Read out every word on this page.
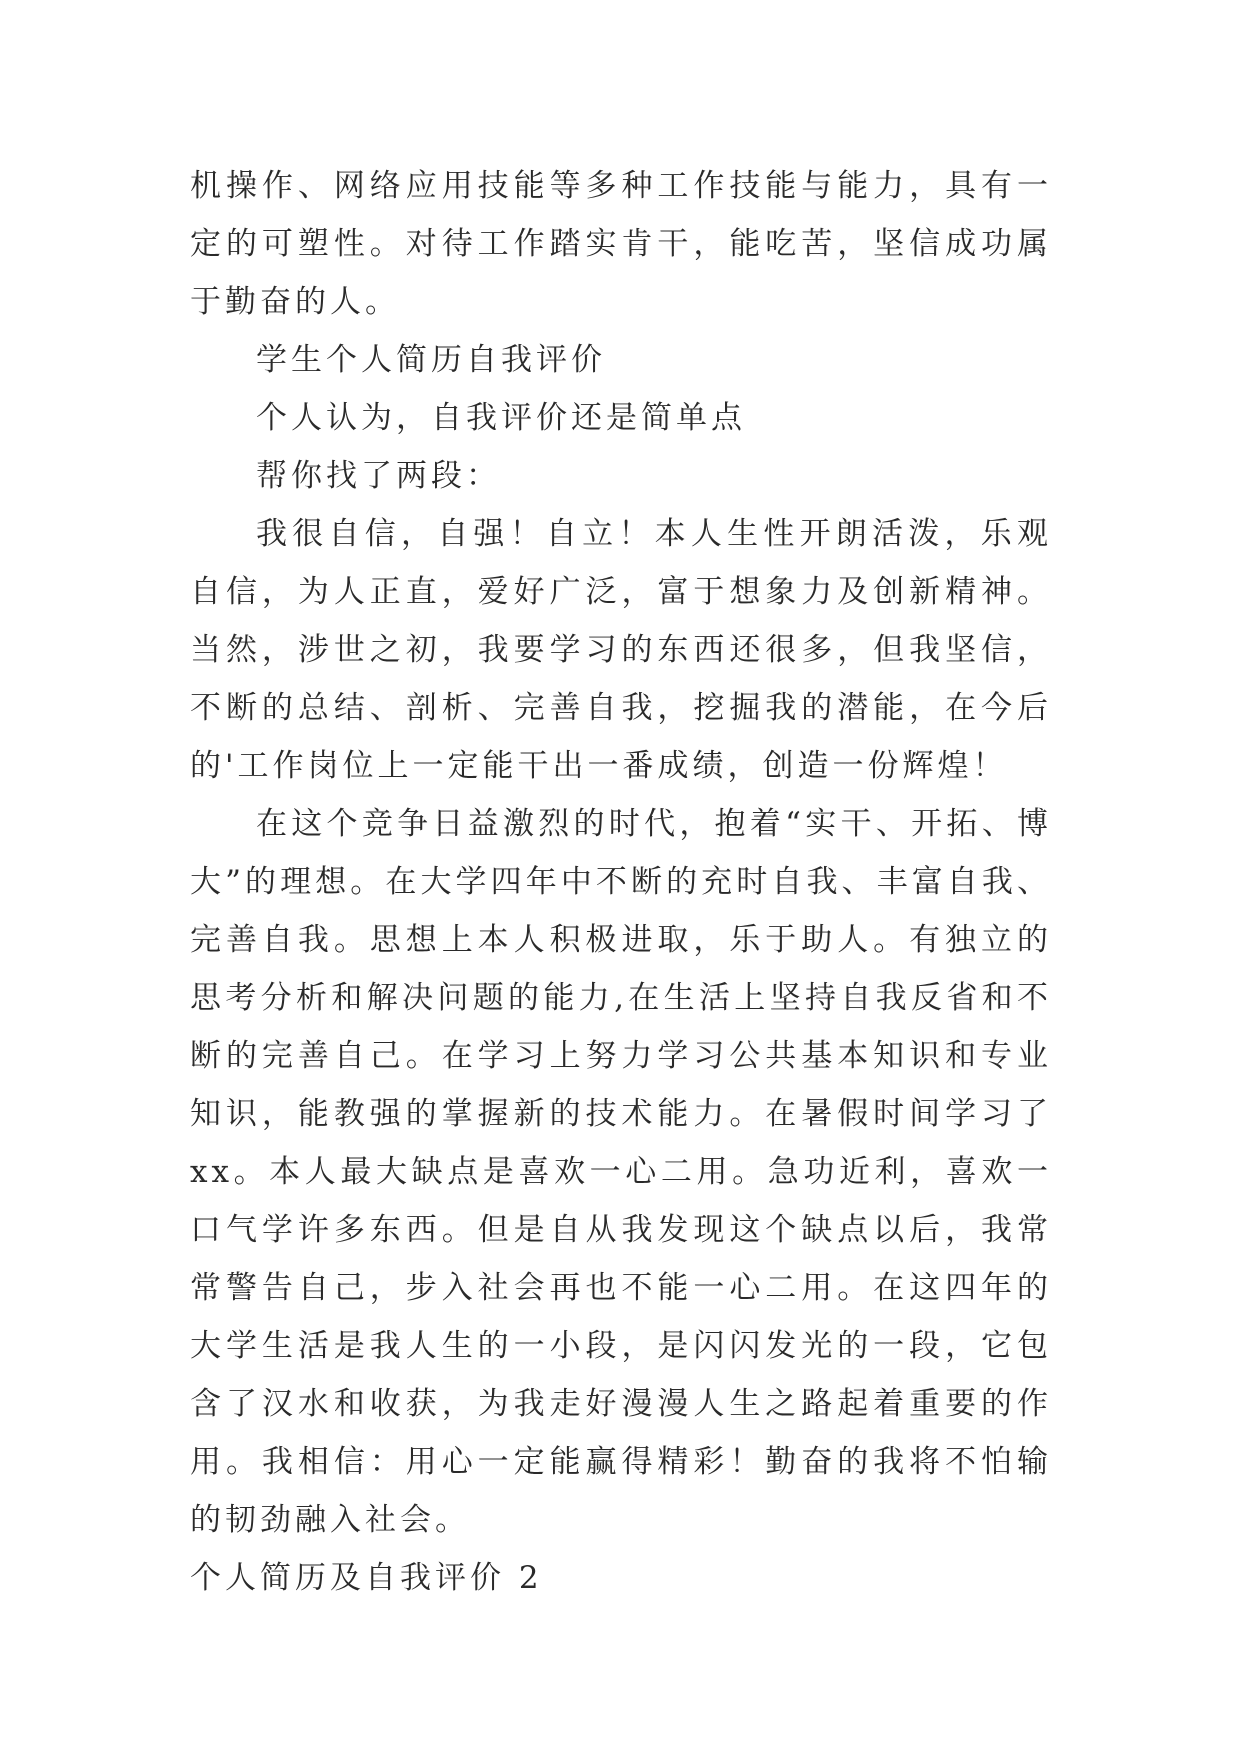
机操作、网络应用技能等多种工作技能与能力，具有一定的可塑性。对待工作踏实肯干，能吃苦，坚信成功属于勤奋的人。

学生个人简历自我评价

个人认为，自我评价还是简单点

帮你找了两段：

我很自信，自强！自立！本人生性开朗活泼，乐观自信，为人正直，爱好广泛，富于想象力及创新精神。当然，涉世之初，我要学习的东西还很多，但我坚信，不断的总结、剖析、完善自我，挖掘我的潜能，在今后的'工作岗位上一定能干出一番成绩，创造一份辉煌！

在这个竞争日益激烈的时代，抱着“实干、开拓、博大”的理想。在大学四年中不断的充时自我、丰富自我、完善自我。思想上本人积极进取，乐于助人。有独立的思考分析和解决问题的能力,在生活上坚持自我反省和不断的完善自己。在学习上努力学习公共基本知识和专业知识，能教强的掌握新的技术能力。在暑假时间学习了 xx。本人最大缺点是喜欢一心二用。急功近利，喜欢一口气学许多东西。但是自从我发现这个缺点以后，我常常警告自己，步入社会再也不能一心二用。在这四年的大学生活是我人生的一小段，是闪闪发光的一段，它包含了汉水和收获，为我走好漫漫人生之路起着重要的作用。我相信：用心一定能赢得精彩！勤奋的我将不怕输的韧劲融入社会。

个人简历及自我评价 2
